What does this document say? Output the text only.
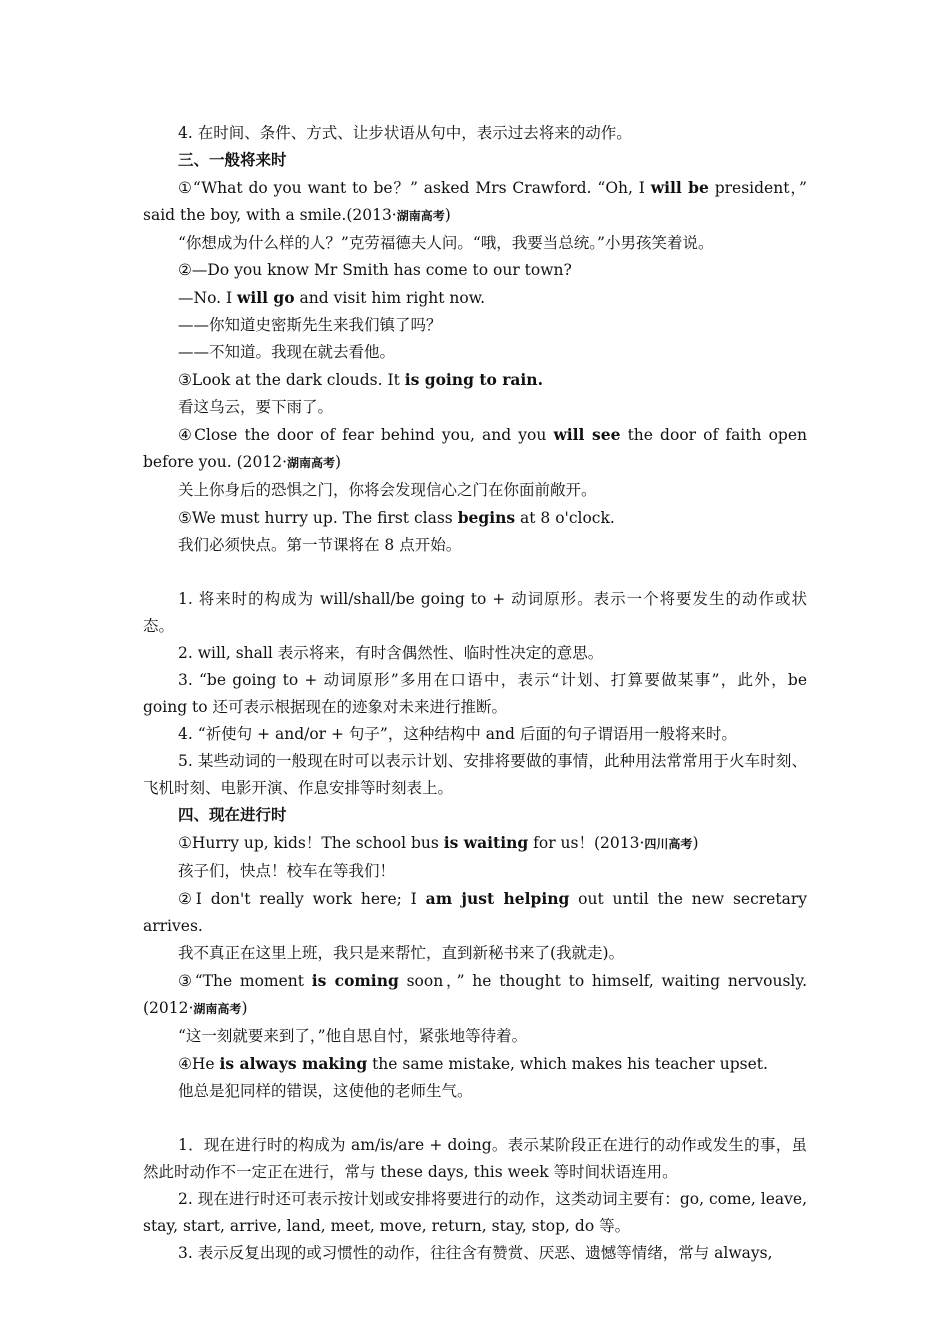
4. 在时间、条件、方式、让步状语从句中，表示过去将来的动作。

三、一般将来时

①“What do you want to be？” asked Mrs Crawford. “Oh, I will be president，” said the boy, with a smile.(2013·湖南高考)

“你想成为什么样的人？”克劳福德夫人问。“哦，我要当总统。”小男孩笑着说。

②—Do you know Mr Smith has come to our town?

—No. I will go and visit him right now.

——你知道史密斯先生来我们镇了吗？

——不知道。我现在就去看他。

③Look at the dark clouds. It is going to rain.

看这乌云，要下雨了。

④Close the door of fear behind you, and you will see the door of faith open before you. (2012·湖南高考)

关上你身后的恐惧之门，你将会发现信心之门在你面前敞开。

⑤We must hurry up. The first class begins at 8 o'clock.

我们必须快点。第一节课将在 8 点开始。

1. 将来时的构成为 will/shall/be going to + 动词原形。表示一个将要发生的动作或状态。

2. will, shall 表示将来，有时含偶然性、临时性决定的意思。

3. “be going to + 动词原形”多用在口语中，表示“计划、打算要做某事”，此外，be going to 还可表示根据现在的迹象对未来进行推断。

4. “祈使句 + and/or + 句子”，这种结构中 and 后面的句子谓语用一般将来时。

5. 某些动词的一般现在时可以表示计划、安排将要做的事情，此种用法常常用于火车时刻、飞机时刻、电影开演、作息安排等时刻表上。

四、现在进行时

①Hurry up, kids！The school bus is waiting for us！(2013·四川高考)

孩子们，快点！校车在等我们！

②I don't really work here; I am just helping out until the new secretary arrives.

我不真正在这里上班，我只是来帮忙，直到新秘书来了(我就走)。

③“The moment is coming soon，” he thought to himself, waiting nervously.(2012·湖南高考)

“这一刻就要来到了，”他自思自忖，紧张地等待着。

④He is always making the same mistake, which makes his teacher upset.

他总是犯同样的错误，这使他的老师生气。

1．现在进行时的构成为 am/is/are + doing。表示某阶段正在进行的动作或发生的事，虽然此时动作不一定正在进行，常与 these days, this week 等时间状语连用。

2. 现在进行时还可表示按计划或安排将要进行的动作，这类动词主要有：go, come, leave, stay, start, arrive, land, meet, move, return, stay, stop, do 等。

3. 表示反复出现的或习惯性的动作，往往含有赞赏、厌恶、遗憾等情绪，常与 always,
